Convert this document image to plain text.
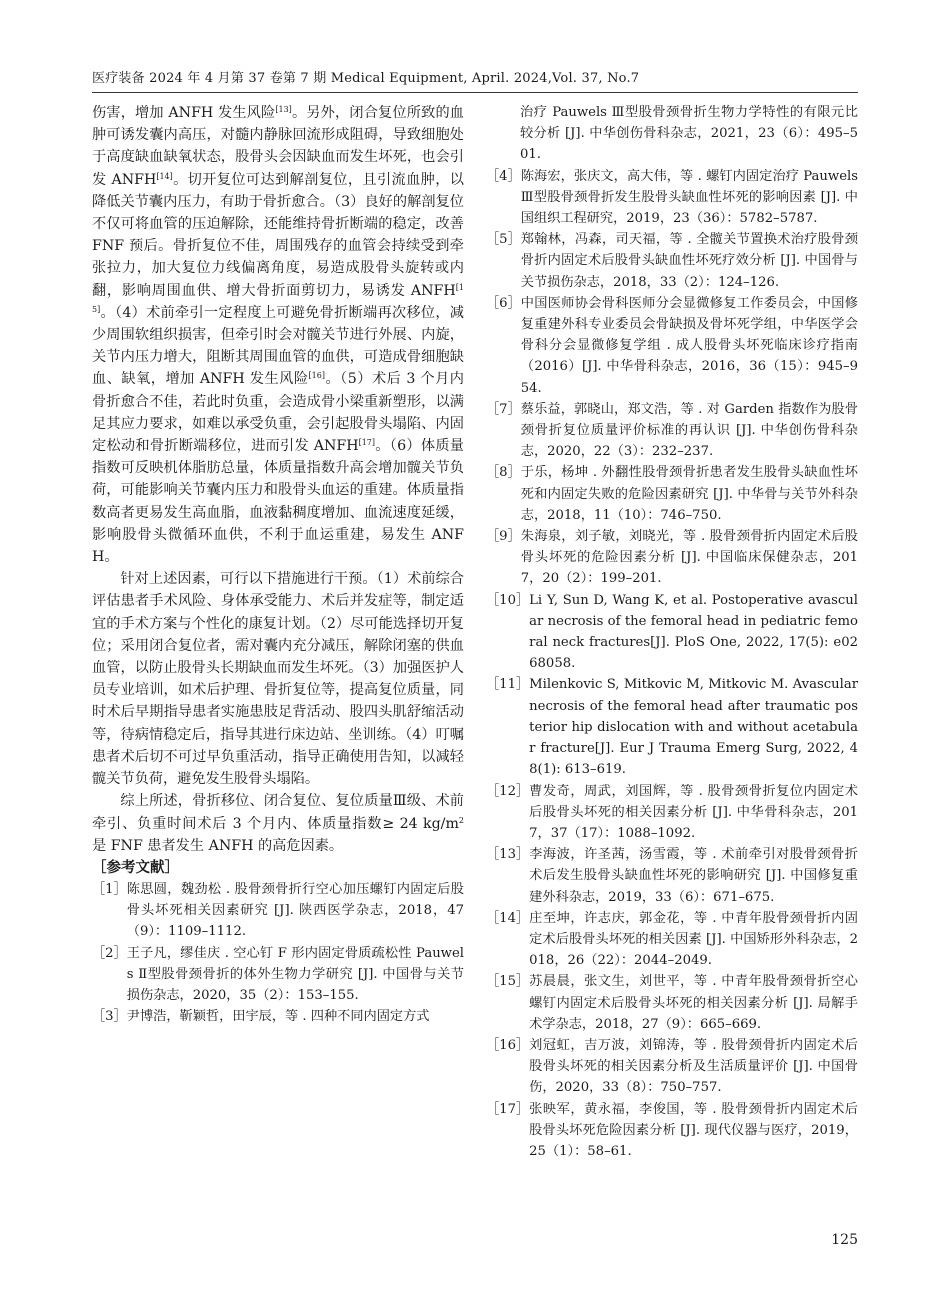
医疗装备 2024 年 4 月第 37 卷第 7 期 Medical Equipment, April. 2024,Vol. 37, No.7

伤害，增加 ANFH 发生风险[13]。另外，闭合复位所致的血肿可诱发囊内高压，对髓内静脉回流形成阻碍，导致细胞处于高度缺血缺氧状态，股骨头会因缺血而发生坏死，也会引发 ANFH[14]。切开复位可达到解剖复位，且引流血肿，以降低关节囊内压力，有助于骨折愈合。（3）良好的解剖复位不仅可将血管的压迫解除，还能维持骨折断端的稳定，改善 FNF 预后。骨折复位不佳，周围残存的血管会持续受到牵张拉力，加大复位力线偏离角度，易造成股骨头旋转或内翻，影响周围血供、增大骨折面剪切力，易诱发 ANFH[15]。（4）术前牵引一定程度上可避免骨折断端再次移位，减少周围软组织损害，但牵引时会对髋关节进行外展、内旋，关节内压力增大，阻断其周围血管的血供，可造成骨细胞缺血、缺氧，增加 ANFH 发生风险[16]。（5）术后 3 个月内骨折愈合不佳，若此时负重，会造成骨小梁重新塑形，以满足其应力要求，如难以承受负重，会引起股骨头塌陷、内固定松动和骨折断端移位，进而引发 ANFH[17]。（6）体质量指数可反映机体脂肪总量，体质量指数升高会增加髋关节负荷，可能影响关节囊内压力和股骨头血运的重建。体质量指数高者更易发生高血脂，血液黏稠度增加、血流速度延缓，影响股骨头微循环血供，不利于血运重建，易发生 ANFH。

针对上述因素，可行以下措施进行干预。（1）术前综合评估患者手术风险、身体承受能力、术后并发症等，制定适宜的手术方案与个性化的康复计划。（2）尽可能选择切开复位；采用闭合复位者，需对囊内充分减压，解除闭塞的供血血管，以防止股骨头长期缺血而发生坏死。（3）加强医护人员专业培训，如术后护理、骨折复位等，提高复位质量，同时术后早期指导患者实施患肢足背活动、股四头肌舒缩活动等，待病情稳定后，指导其进行床边站、坐训练。（4）叮嘱患者术后切不可过早负重活动，指导正确使用告知，以减轻髋关节负荷，避免发生股骨头塌陷。

综上所述，骨折移位、闭合复位、复位质量Ⅲ级、术前牵引、负重时间术后 3 个月内、体质量指数≥ 24 $kg/m^2$ 是 FNF 患者发生 ANFH 的高危因素。

［参考文献］

［1］ 陈思圆，魏劲松 . 股骨颈骨折行空心加压螺钉内固定后股骨头坏死相关因素研究 [J]. 陕西医学杂志，2018，47（9）：1109–1112.
［2］ 王子凡，缪佳庆 . 空心钉 F 形内固定骨质疏松性 Pauwels Ⅱ型股骨颈骨折的体外生物力学研究 [J]. 中国骨与关节损伤杂志，2020，35（2）：153–155.
［3］ 尹博浩，靳颖哲，田宇辰，等 . 四种不同内固定方式

治疗 Pauwels Ⅲ型股骨颈骨折生物力学特性的有限元比较分析 [J]. 中华创伤骨科杂志，2021，23（6）：495–501.

［4］ 陈海宏，张庆文，高大伟，等 . 螺钉内固定治疗 Pauwels Ⅲ型股骨颈骨折发生股骨头缺血性坏死的影响因素 [J]. 中国组织工程研究，2019，23（36）：5782–5787.
［5］ 郑翰林，冯森，司天福，等 . 全髋关节置换术治疗股骨颈骨折内固定术后股骨头缺血性坏死疗效分析 [J]. 中国骨与关节损伤杂志，2018，33（2）：124–126.
［6］ 中国医师协会骨科医师分会显微修复工作委员会，中国修复重建外科专业委员会骨缺损及骨坏死学组，中华医学会骨科分会显微修复学组 . 成人股骨头坏死临床诊疗指南（2016）[J]. 中华骨科杂志，2016，36（15）：945–954.
［7］ 蔡乐益，郭晓山，郑文浩，等 . 对 Garden 指数作为股骨颈骨折复位质量评价标准的再认识 [J]. 中华创伤骨科杂志，2020，22（3）：232–237.
［8］ 于乐，杨坤 . 外翻性股骨颈骨折患者发生股骨头缺血性坏死和内固定失败的危险因素研究 [J]. 中华骨与关节外科杂志，2018，11（10）：746–750.
［9］ 朱海泉，刘子敏，刘晓光，等 . 股骨颈骨折内固定术后股骨头坏死的危险因素分析 [J]. 中国临床保健杂志，2017，20（2）：199–201.
［10］ Li Y, Sun D, Wang K, et al. Postoperative avascular necrosis of the femoral head in pediatric femoral neck fractures[J]. PloS One, 2022, 17(5): e0268058.
［11］ Milenkovic S, Mitkovic M, Mitkovic M. Avascular necrosis of the femoral head after traumatic posterior hip dislocation with and without acetabular fracture[J]. Eur J Trauma Emerg Surg, 2022, 48(1): 613–619.
［12］ 曹发奇，周武，刘国辉，等 . 股骨颈骨折复位内固定术后股骨头坏死的相关因素分析 [J]. 中华骨科杂志，2017，37（17）：1088–1092.
［13］ 李海波，许圣茜，汤雪霞，等 . 术前牵引对股骨颈骨折术后发生股骨头缺血性坏死的影响研究 [J]. 中国修复重建外科杂志，2019，33（6）：671–675.
［14］ 庄至坤，许志庆，郭金花，等 . 中青年股骨颈骨折内固定术后股骨头坏死的相关因素 [J]. 中国矫形外科杂志，2018，26（22）：2044–2049.
［15］ 苏晨晨，张文生，刘世平，等 . 中青年股骨颈骨折空心螺钉内固定术后股骨头坏死的相关因素分析 [J]. 局解手术学杂志，2018，27（9）：665–669.
［16］ 刘冠虹，吉万波，刘锦涛，等 . 股骨颈骨折内固定术后股骨头坏死的相关因素分析及生活质量评价 [J]. 中国骨伤，2020，33（8）：750–757.
［17］ 张映军，黄永福，李俊国，等 . 股骨颈骨折内固定术后股骨头坏死危险因素分析 [J]. 现代仪器与医疗，2019，25（1）：58–61.
125
